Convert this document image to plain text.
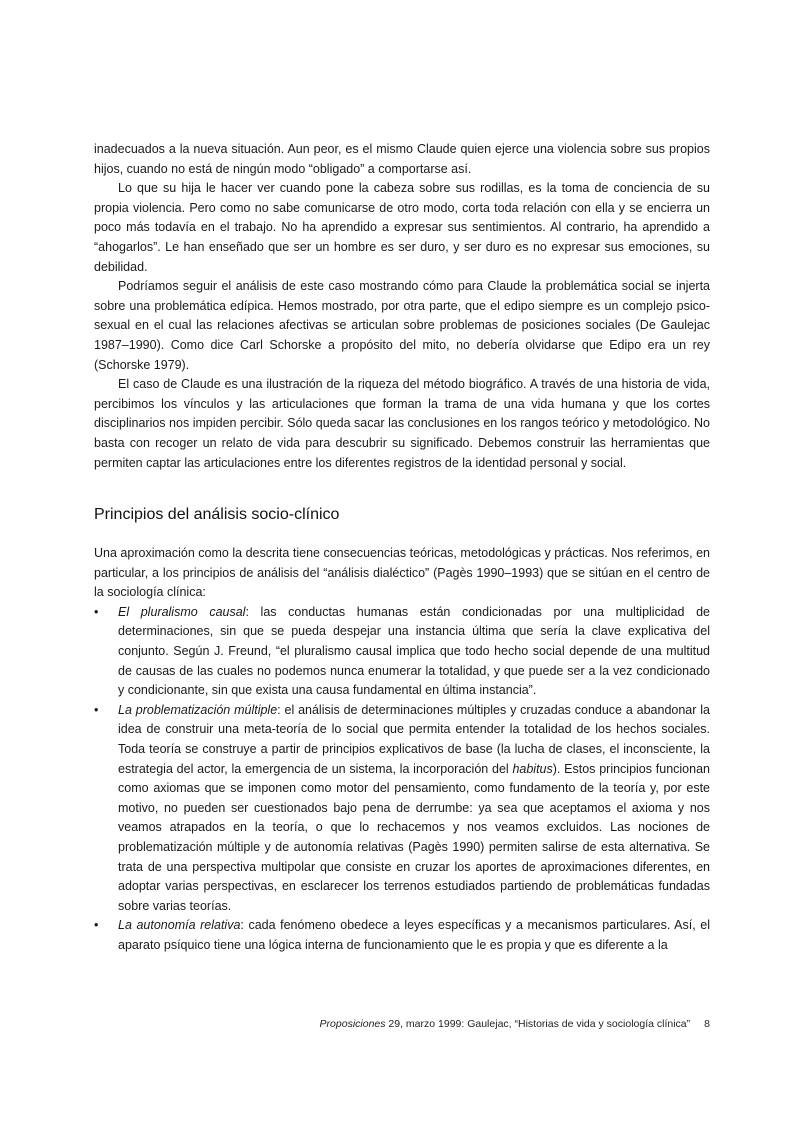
inadecuados a la nueva situación. Aun peor, es el mismo Claude quien ejerce una violencia sobre sus propios hijos, cuando no está de ningún modo “obligado” a comportarse así.

Lo que su hija le hacer ver cuando pone la cabeza sobre sus rodillas, es la toma de conciencia de su propia violencia. Pero como no sabe comunicarse de otro modo, corta toda relación con ella y se encierra un poco más todavía en el trabajo. No ha aprendido a expresar sus sentimientos. Al contrario, ha aprendido a “ahogarlos”. Le han enseñado que ser un hombre es ser duro, y ser duro es no expresar sus emociones, su debilidad.

Podríamos seguir el análisis de este caso mostrando cómo para Claude la problemática social se injerta sobre una problemática edípica. Hemos mostrado, por otra parte, que el edipo siempre es un complejo psico-sexual en el cual las relaciones afectivas se articulan sobre problemas de posiciones sociales (De Gaulejac 1987–1990). Como dice Carl Schorske a propósito del mito, no debería olvidarse que Edipo era un rey (Schorske 1979).

El caso de Claude es una ilustración de la riqueza del método biográfico. A través de una historia de vida, percibimos los vínculos y las articulaciones que forman la trama de una vida humana y que los cortes disciplinarios nos impiden percibir. Sólo queda sacar las conclusiones en los rangos teórico y metodológico. No basta con recoger un relato de vida para descubrir su significado. Debemos construir las herramientas que permiten captar las articulaciones entre los diferentes registros de la identidad personal y social.

Principios del análisis socio-clínico

Una aproximación como la descrita tiene consecuencias teóricas, metodológicas y prácticas. Nos referimos, en particular, a los principios de análisis del “análisis dialéctico” (Pagès 1990–1993) que se sitúan en el centro de la sociología clínica:

• El pluralismo causal: las conductas humanas están condicionadas por una multiplicidad de determinaciones, sin que se pueda despejar una instancia última que sería la clave explicativa del conjunto. Según J. Freund, “el pluralismo causal implica que todo hecho social depende de una multitud de causas de las cuales no podemos nunca enumerar la totalidad, y que puede ser a la vez condicionado y condicionante, sin que exista una causa fundamental en última instancia”.
• La problematización múltiple: el análisis de determinaciones múltiples y cruzadas conduce a abandonar la idea de construir una meta-teoría de lo social que permita entender la totalidad de los hechos sociales. Toda teoría se construye a partir de principios explicativos de base (la lucha de clases, el inconsciente, la estrategia del actor, la emergencia de un sistema, la incorporación del habitus). Estos principios funcionan como axiomas que se imponen como motor del pensamiento, como fundamento de la teoría y, por este motivo, no pueden ser cuestionados bajo pena de derrumbe: ya sea que aceptamos el axioma y nos veamos atrapados en la teoría, o que lo rechacemos y nos veamos excluidos. Las nociones de problematización múltiple y de autonomía relativas (Pagès 1990) permiten salirse de esta alternativa. Se trata de una perspectiva multipolar que consiste en cruzar los aportes de aproximaciones diferentes, en adoptar varias perspectivas, en esclarecer los terrenos estudiados partiendo de problemáticas fundadas sobre varias teorías.
• La autonomía relativa: cada fenómeno obedece a leyes específicas y a mecanismos particulares. Así, el aparato psíquico tiene una lógica interna de funcionamiento que le es propia y que es diferente a la
Proposiciones 29, marzo 1999: Gaulejac, “Historias de vida y sociología clínica” 8
